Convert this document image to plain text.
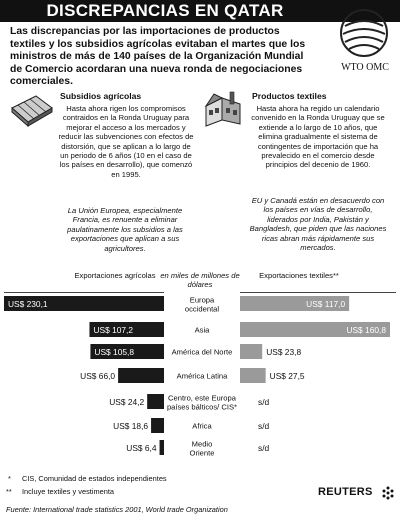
DISCREPANCIAS EN QATAR
Las discrepancias por las importaciones de productos textiles y los subsidios agrícolas evitaban el martes que los ministros de más de 140 países de la Organización Mundial de Comercio acordaran una nueva ronda de negociaciones comerciales.
WTO OMC
Subsidios agrícolas
Hasta ahora rigen los compromisos contraidos en la Ronda Uruguay para mejorar el acceso a los mercados y reducir las subvenciones con efectos de distorsión, que se aplican a lo largo de un periodo de 6 años (10 en el caso de los países en desarrollo), que comenzó en 1995.
La Unión Europea, especialmente Francia, es renuente a eliminar paulatinamente los subsidios a las exportaciones que aplican a sus agricultores.
Productos textiles
Hasta ahora ha regido un calendario convenido en la Ronda Uruguay que se extiende a lo largo de 10 años, que elimina gradualmente el sistema de contingentes de importación que ha prevalecido en el comercio desde principios del decenio de 1960.
EU y Canadá están en desacuerdo con los países en vías de desarrollo, liderados por India, Pakistán y Bangladesh, que piden que las naciones ricas abran más rápidamente sus mercados.
Exportaciones agrícolas en miles de millones de dólares
Exportaciones textiles**
US$ 230,1	US$ 117,0
Europa occidental
US$ 107,2	US$ 160,8
Asia
US$ 105,8	US$ 23,8
América del Norte
US$ 66,0	US$ 27,5
América Latina
US$ 24,2	s/d
Centro, este Europa países bálticos/ CIS*
US$ 18,6	s/d
Africa
US$ 6,4	s/d
Medio Oriente
* CIS, Comunidad de estados independientes
** Incluye textiles y vestimenta
Fuente: International trade statistics 2001, World trade Organization
REUTERS
